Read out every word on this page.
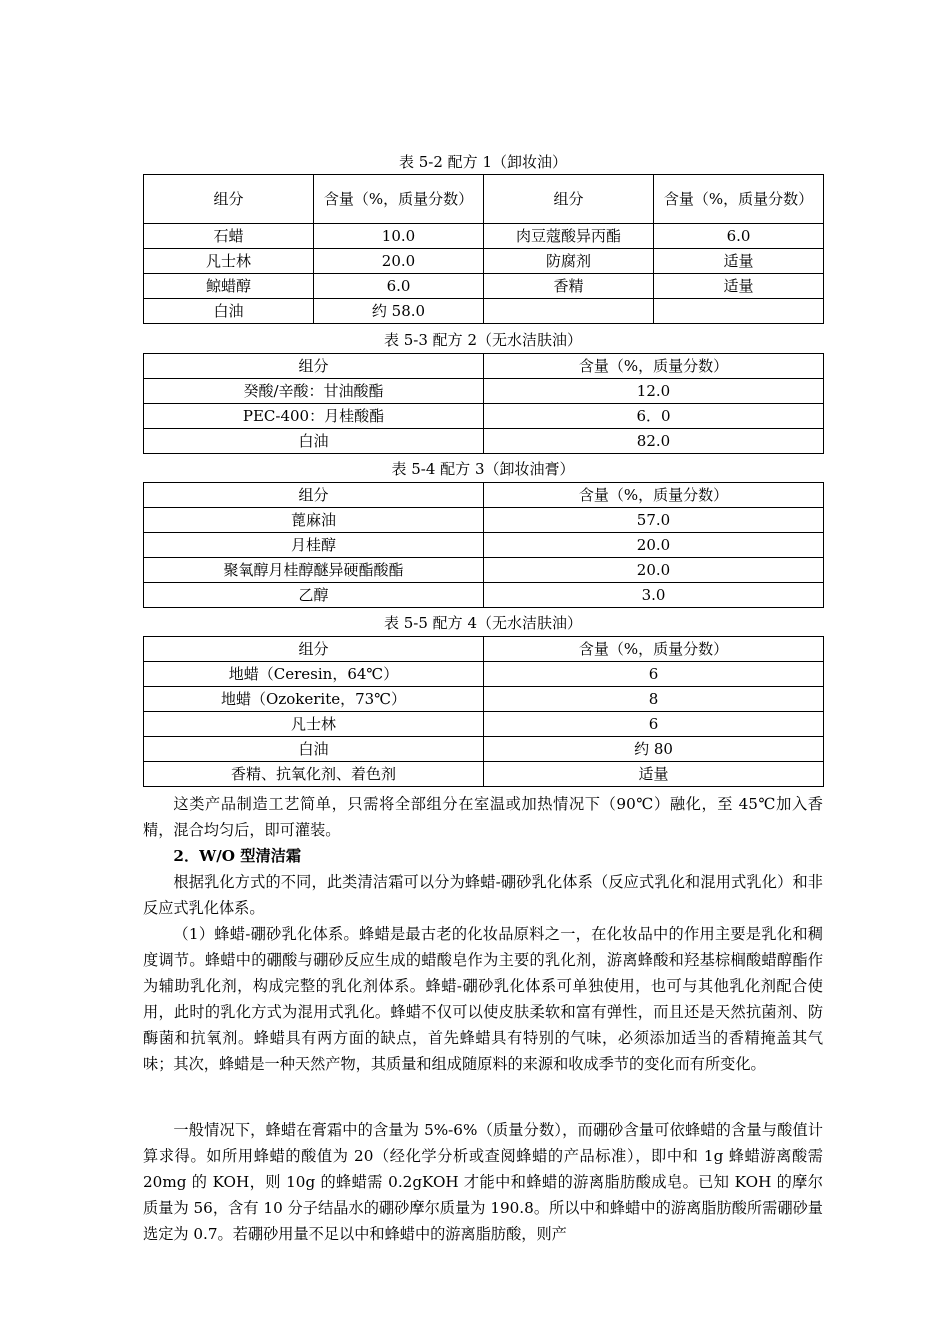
表 5-2 配方 1（卸妆油）
组分	含量（%，质量分数）	组分	含量（%，质量分数）
石蜡	10.0	肉豆蔻酸异丙酯	6.0
凡士林	20.0	防腐剂	适量
鲸蜡醇	6.0	香精	适量
白油	约 58.0		
表 5-3 配方 2（无水洁肤油）
组分	含量（%，质量分数）
癸酸/辛酸：甘油酸酯	12.0
PEC-400：月桂酸酯	6．0
白油	82.0
表 5-4 配方 3（卸妆油膏）
组分	含量（%，质量分数）
蓖麻油	57.0
月桂醇	20.0
聚氧醇月桂醇醚异硬酯酸酯	20.0
乙醇	3.0
表 5-5 配方 4（无水洁肤油）
组分	含量（%，质量分数）
地蜡（Ceresin，64℃）	6
地蜡（Ozokerite，73℃）	8
凡士林	6
白油	约 80
香精、抗氧化剂、着色剂	适量
这类产品制造工艺简单，只需将全部组分在室温或加热情况下（90℃）融化，至 45℃加入香精，混合均匀后，即可灌装。
2．W/O 型清洁霜
根据乳化方式的不同，此类清洁霜可以分为蜂蜡-硼砂乳化体系（反应式乳化和混用式乳化）和非反应式乳化体系。
（1）蜂蜡-硼砂乳化体系。蜂蜡是最古老的化妆品原料之一，在化妆品中的作用主要是乳化和稠度调节。蜂蜡中的硼酸与硼砂反应生成的蜡酸皂作为主要的乳化剂，游离蜂酸和羟基棕榈酸蜡醇酯作为辅助乳化剂，构成完整的乳化剂体系。蜂蜡-硼砂乳化体系可单独使用，也可与其他乳化剂配合使用，此时的乳化方式为混用式乳化。蜂蜡不仅可以使皮肤柔软和富有弹性，而且还是天然抗菌剂、防酶菌和抗氧剂。蜂蜡具有两方面的缺点，首先蜂蜡具有特别的气味，必须添加适当的香精掩盖其气味；其次，蜂蜡是一种天然产物，其质量和组成随原料的来源和收成季节的变化而有所变化。
一般情况下，蜂蜡在膏霜中的含量为 5%-6%（质量分数），而硼砂含量可依蜂蜡的含量与酸值计算求得。如所用蜂蜡的酸值为 20（经化学分析或查阅蜂蜡的产品标准），即中和 1g 蜂蜡游离酸需 20mg 的 KOH，则 10g 的蜂蜡需 0.2gKOH 才能中和蜂蜡的游离脂肪酸成皂。已知 KOH 的摩尔质量为 56，含有 10 分子结晶水的硼砂摩尔质量为 190.8。所以中和蜂蜡中的游离脂肪酸所需硼砂量选定为 0.7。若硼砂用量不足以中和蜂蜡中的游离脂肪酸，则产
